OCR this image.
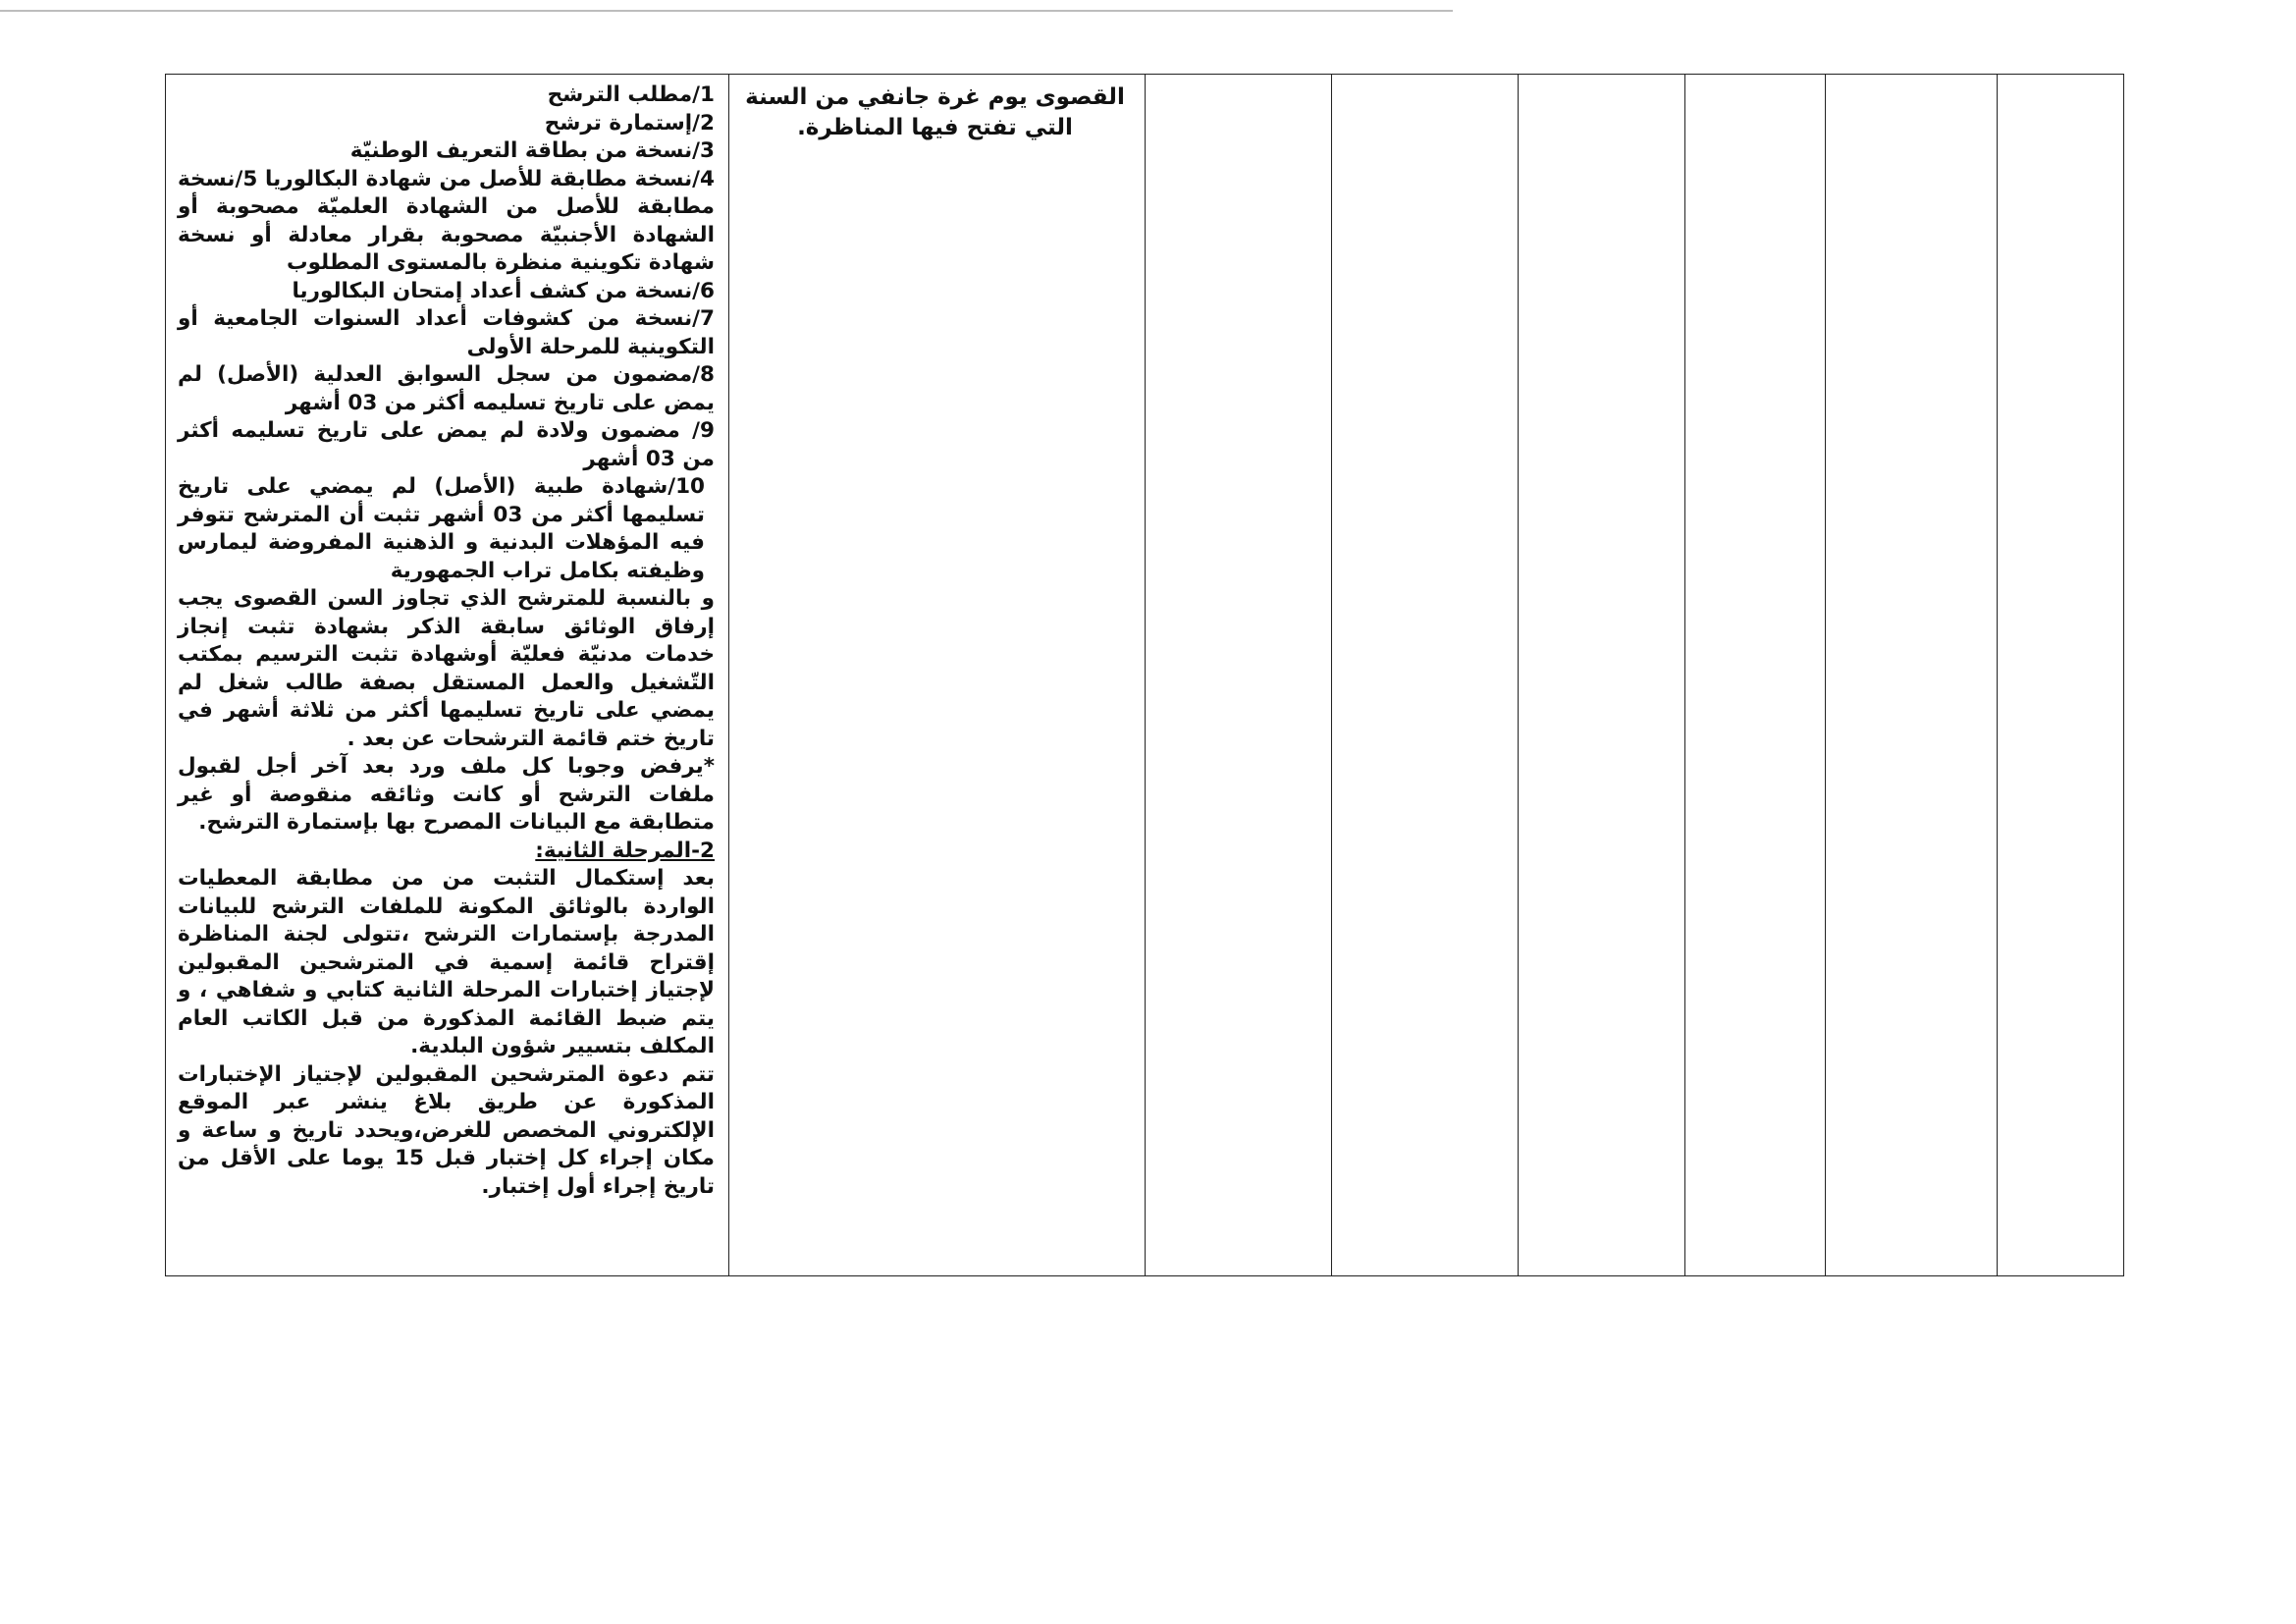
1/مطلب الترشح

2/إستمارة ترشح

3/نسخة من بطاقة التعريف الوطنيّة

4/نسخة مطابقة للأصل من شهادة البكالوريا 5/نسخة مطابقة للأصل من الشهادة العلميّة مصحوبة أو الشهادة الأجنبيّة مصحوبة بقرار معادلة أو نسخة شهادة تكوينية منظرة بالمستوى المطلوب

6/نسخة من كشف أعداد إمتحان البكالوريا

7/نسخة من كشوفات أعداد السنوات الجامعية أو التكوينية للمرحلة الأولى

8/مضمون من سجل السوابق العدلية (الأصل) لم يمض على تاريخ تسليمه أكثر من 03 أشهر

9/ مضمون ولادة لم يمض على تاريخ تسليمه أكثر من 03 أشهر

10/شهادة طبية (الأصل) لم يمضي على تاريخ تسليمها أكثر من 03 أشهر تثبت أن المترشح تتوفر فيه المؤهلات البدنية و الذهنية المفروضة ليمارس وظيفته بكامل تراب الجمهورية

و بالنسبة للمترشح الذي تجاوز السن القصوى يجب إرفاق الوثائق سابقة الذكر بشهادة تثبت إنجاز خدمات مدنيّة فعليّة أوشهادة تثبت الترسيم بمكتب التّشغيل والعمل المستقل بصفة طالب شغل لم يمضي على تاريخ تسليمها أكثر من ثلاثة أشهر في تاريخ ختم قائمة الترشحات عن بعد .

*يرفض وجوبا كل ملف ورد بعد آخر أجل لقبول ملفات الترشح أو كانت وثائقه منقوصة أو غير متطابقة مع البيانات المصرح بها بإستمارة الترشح.

2-المرحلة الثانية:

بعد إستكمال التثبت من من مطابقة المعطيات الواردة بالوثائق المكونة للملفات الترشح للبيانات المدرجة بإستمارات الترشح ،تتولى لجنة المناظرة إقتراح قائمة إسمية في المترشحين المقبولين لإجتياز إختبارات المرحلة الثانية كتابي و شفاهي ، و يتم ضبط القائمة المذكورة من قبل الكاتب العام المكلف بتسيير شؤون البلدية.

تتم دعوة المترشحين المقبولين لإجتياز الإختبارات المذكورة عن طريق بلاغ ينشر عبر الموقع الإلكتروني المخصص للغرض،ويحدد تاريخ و ساعة و مكان إجراء كل إختبار قبل 15 يوما على الأقل من تاريخ إجراء أول إختبار.

	القصوى يوم غرة جانفي من السنة التي تفتح فيها المناظرة.						
